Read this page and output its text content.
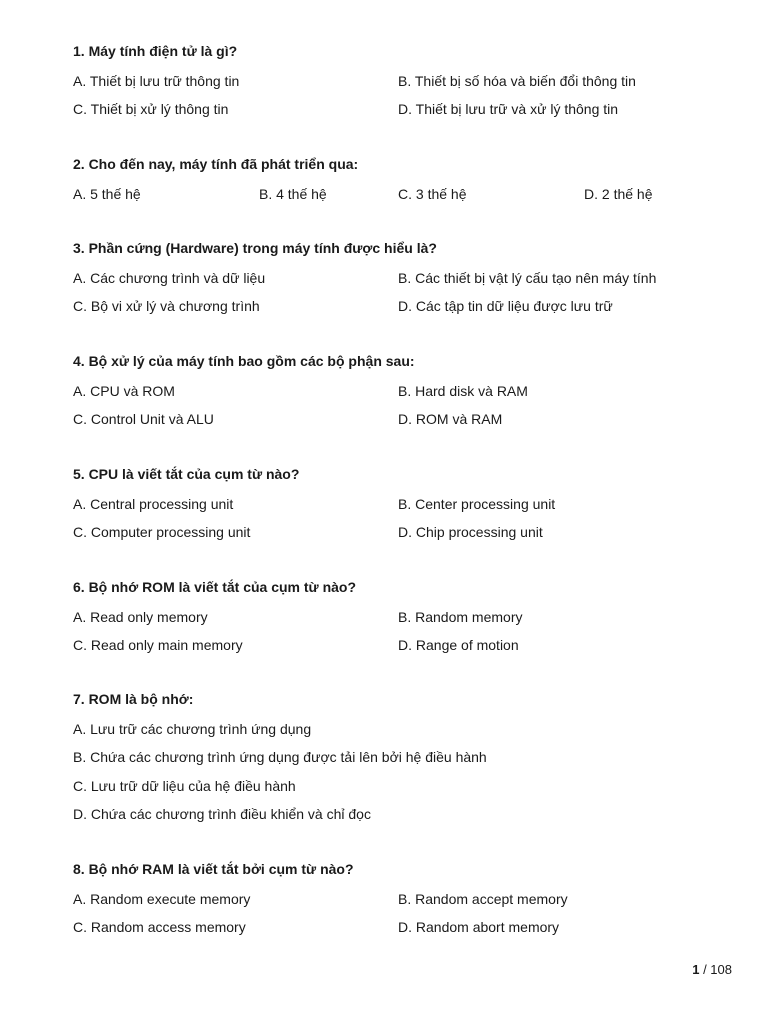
1. Máy tính điện tử là gì?
A. Thiết bị lưu trữ thông tin	B. Thiết bị số hóa và biến đổi thông tin
C. Thiết bị xử lý thông tin	D. Thiết bị lưu trữ và xử lý thông tin
2. Cho đến nay, máy tính đã phát triển qua:
A. 5 thế hệ	B. 4 thế hệ	C. 3 thế hệ	D. 2 thế hệ
3. Phần cứng (Hardware) trong máy tính được hiểu là?
A. Các chương trình và dữ liệu	B. Các thiết bị vật lý cấu tạo nên máy tính
C. Bộ vi xử lý và chương trình	D. Các tập tin dữ liệu được lưu trữ
4. Bộ xử lý của máy tính bao gồm các bộ phận sau:
A. CPU và ROM	B. Hard disk và RAM
C. Control Unit và ALU	D. ROM và RAM
5. CPU là viết tắt của cụm từ nào?
A. Central processing unit	B. Center processing unit
C. Computer processing unit	D. Chip processing unit
6. Bộ nhớ ROM là viết tắt của cụm từ nào?
A. Read only memory	B. Random memory
C. Read only main memory	D. Range of motion
7. ROM là bộ nhớ:
A. Lưu trữ các chương trình ứng dụng
B. Chứa các chương trình ứng dụng được tải lên bởi hệ điều hành
C. Lưu trữ dữ liệu của hệ điều hành
D. Chứa các chương trình điều khiển và chỉ đọc
8. Bộ nhớ RAM là viết tắt bởi cụm từ nào?
A. Random execute memory	B. Random accept memory
C. Random access memory	D. Random abort memory
1 / 108
